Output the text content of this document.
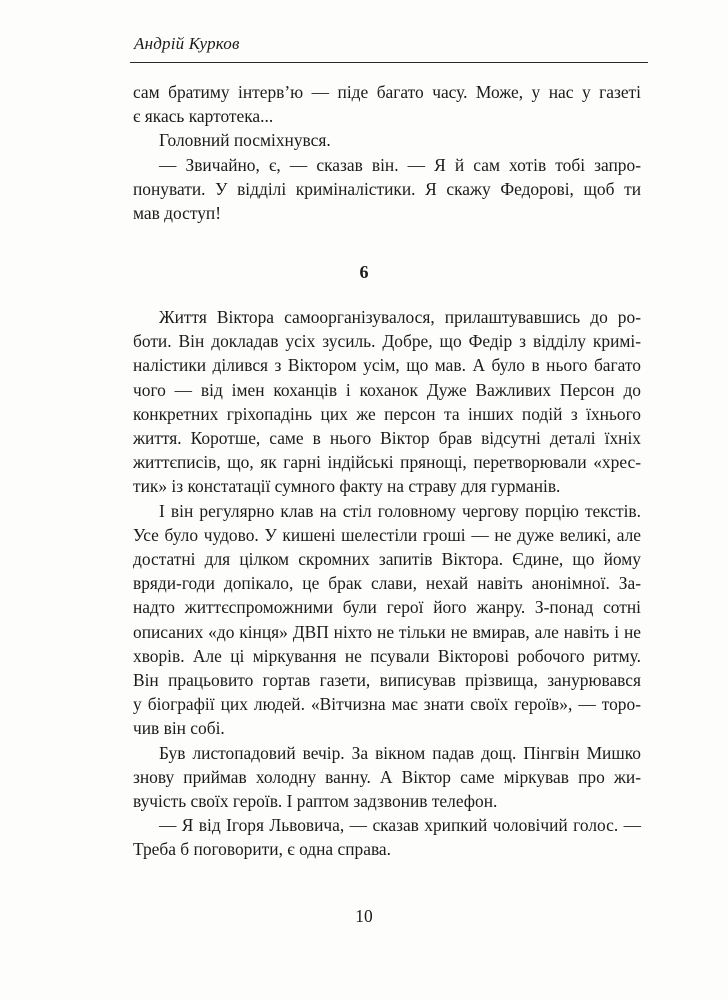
Андрій Курков

сам братиму інтерв’ю — піде багато часу. Може, у нас у газеті

є якась картотека...

Головний посміхнувся.

— Звичайно, є, — сказав він. — Я й сам хотів тобі запро-

понувати. У відділі криміналістики. Я скажу Федорові, щоб ти

мав доступ!

6

Життя Віктора самоорганізувалося, прилаштувавшись до ро-

боти. Він докладав усіх зусиль. Добре, що Федір з відділу кримі-

налістики ділився з Віктором усім, що мав. А було в нього багато

чого — від імен коханців і коханок Дуже Важливих Персон до

конкретних гріхопадінь цих же персон та інших подій з їхнього

життя. Коротше, саме в нього Віктор брав відсутні деталі їхніх

життєписів, що, як гарні індійські прянощі, перетворювали «хрес-

тик» із констатації сумного факту на страву для гурманів.

І він регулярно клав на стіл головному чергову порцію текстів.

Усе було чудово. У кишені шелестіли гроші — не дуже великі, але

достатні для цілком скромних запитів Віктора. Єдине, що йому

вряди-годи допікало, це брак слави, нехай навіть анонімної. За-

надто життєспроможними були герої його жанру. З-понад сотні

описаних «до кінця» ДВП ніхто не тільки не вмирав, але навіть і не

хворів. Але ці міркування не псували Вікторові робочого ритму.

Він працьовито гортав газети, виписував прізвища, занурювався

у біографії цих людей. «Вітчизна має знати своїх героїв», — торо-

чив він собі.

Був листопадовий вечір. За вікном падав дощ. Пінгвін Мишко

знову приймав холодну ванну. А Віктор саме міркував про жи-

вучість своїх героїв. І раптом задзвонив телефон.

— Я від Ігоря Львовича, — сказав хрипкий чоловічий голос. —

Треба б поговорити, є одна справа.

10
